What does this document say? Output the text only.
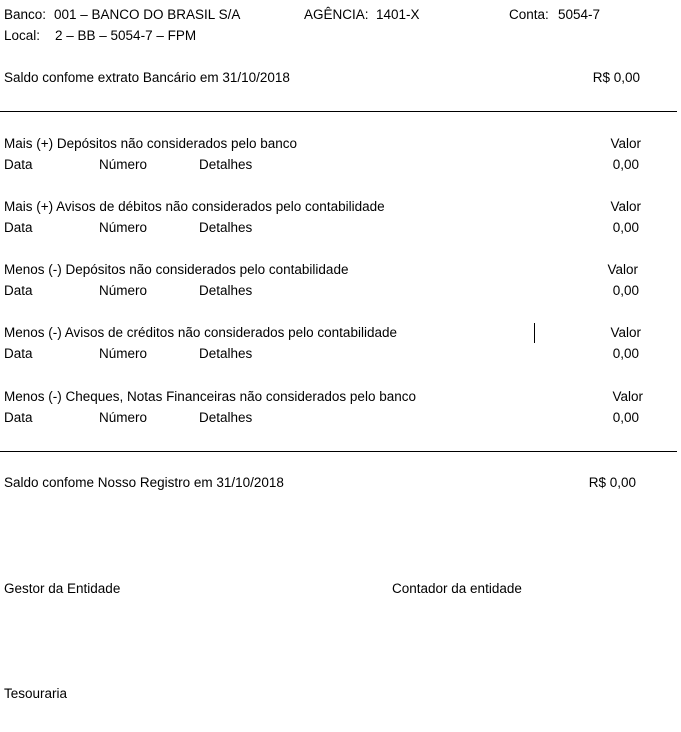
Banco: 001 – BANCO DO BRASIL S/A	AGÊNCIA: 1401-X	Conta: 5054-7
Local: 2 – BB – 5054-7 – FPM
Saldo confome extrato Bancário em 31/10/2018	R$ 0,00
Mais (+) Depósitos não considerados pelo banco	Valor
Data	Número	Detalhes	0,00
Mais (+) Avisos de débitos não considerados pelo contabilidade	Valor
Data	Número	Detalhes	0,00
Menos (-) Depósitos não considerados pelo contabilidade	Valor
Data	Número	Detalhes	0,00
Menos (-) Avisos de créditos não considerados pelo contabilidade	Valor
Data	Número	Detalhes	0,00
Menos (-) Cheques, Notas Financeiras não considerados pelo banco	Valor
Data	Número	Detalhes	0,00
Saldo confome Nosso Registro em 31/10/2018	R$ 0,00
Gestor da Entidade	Contador da entidade
Tesouraria
